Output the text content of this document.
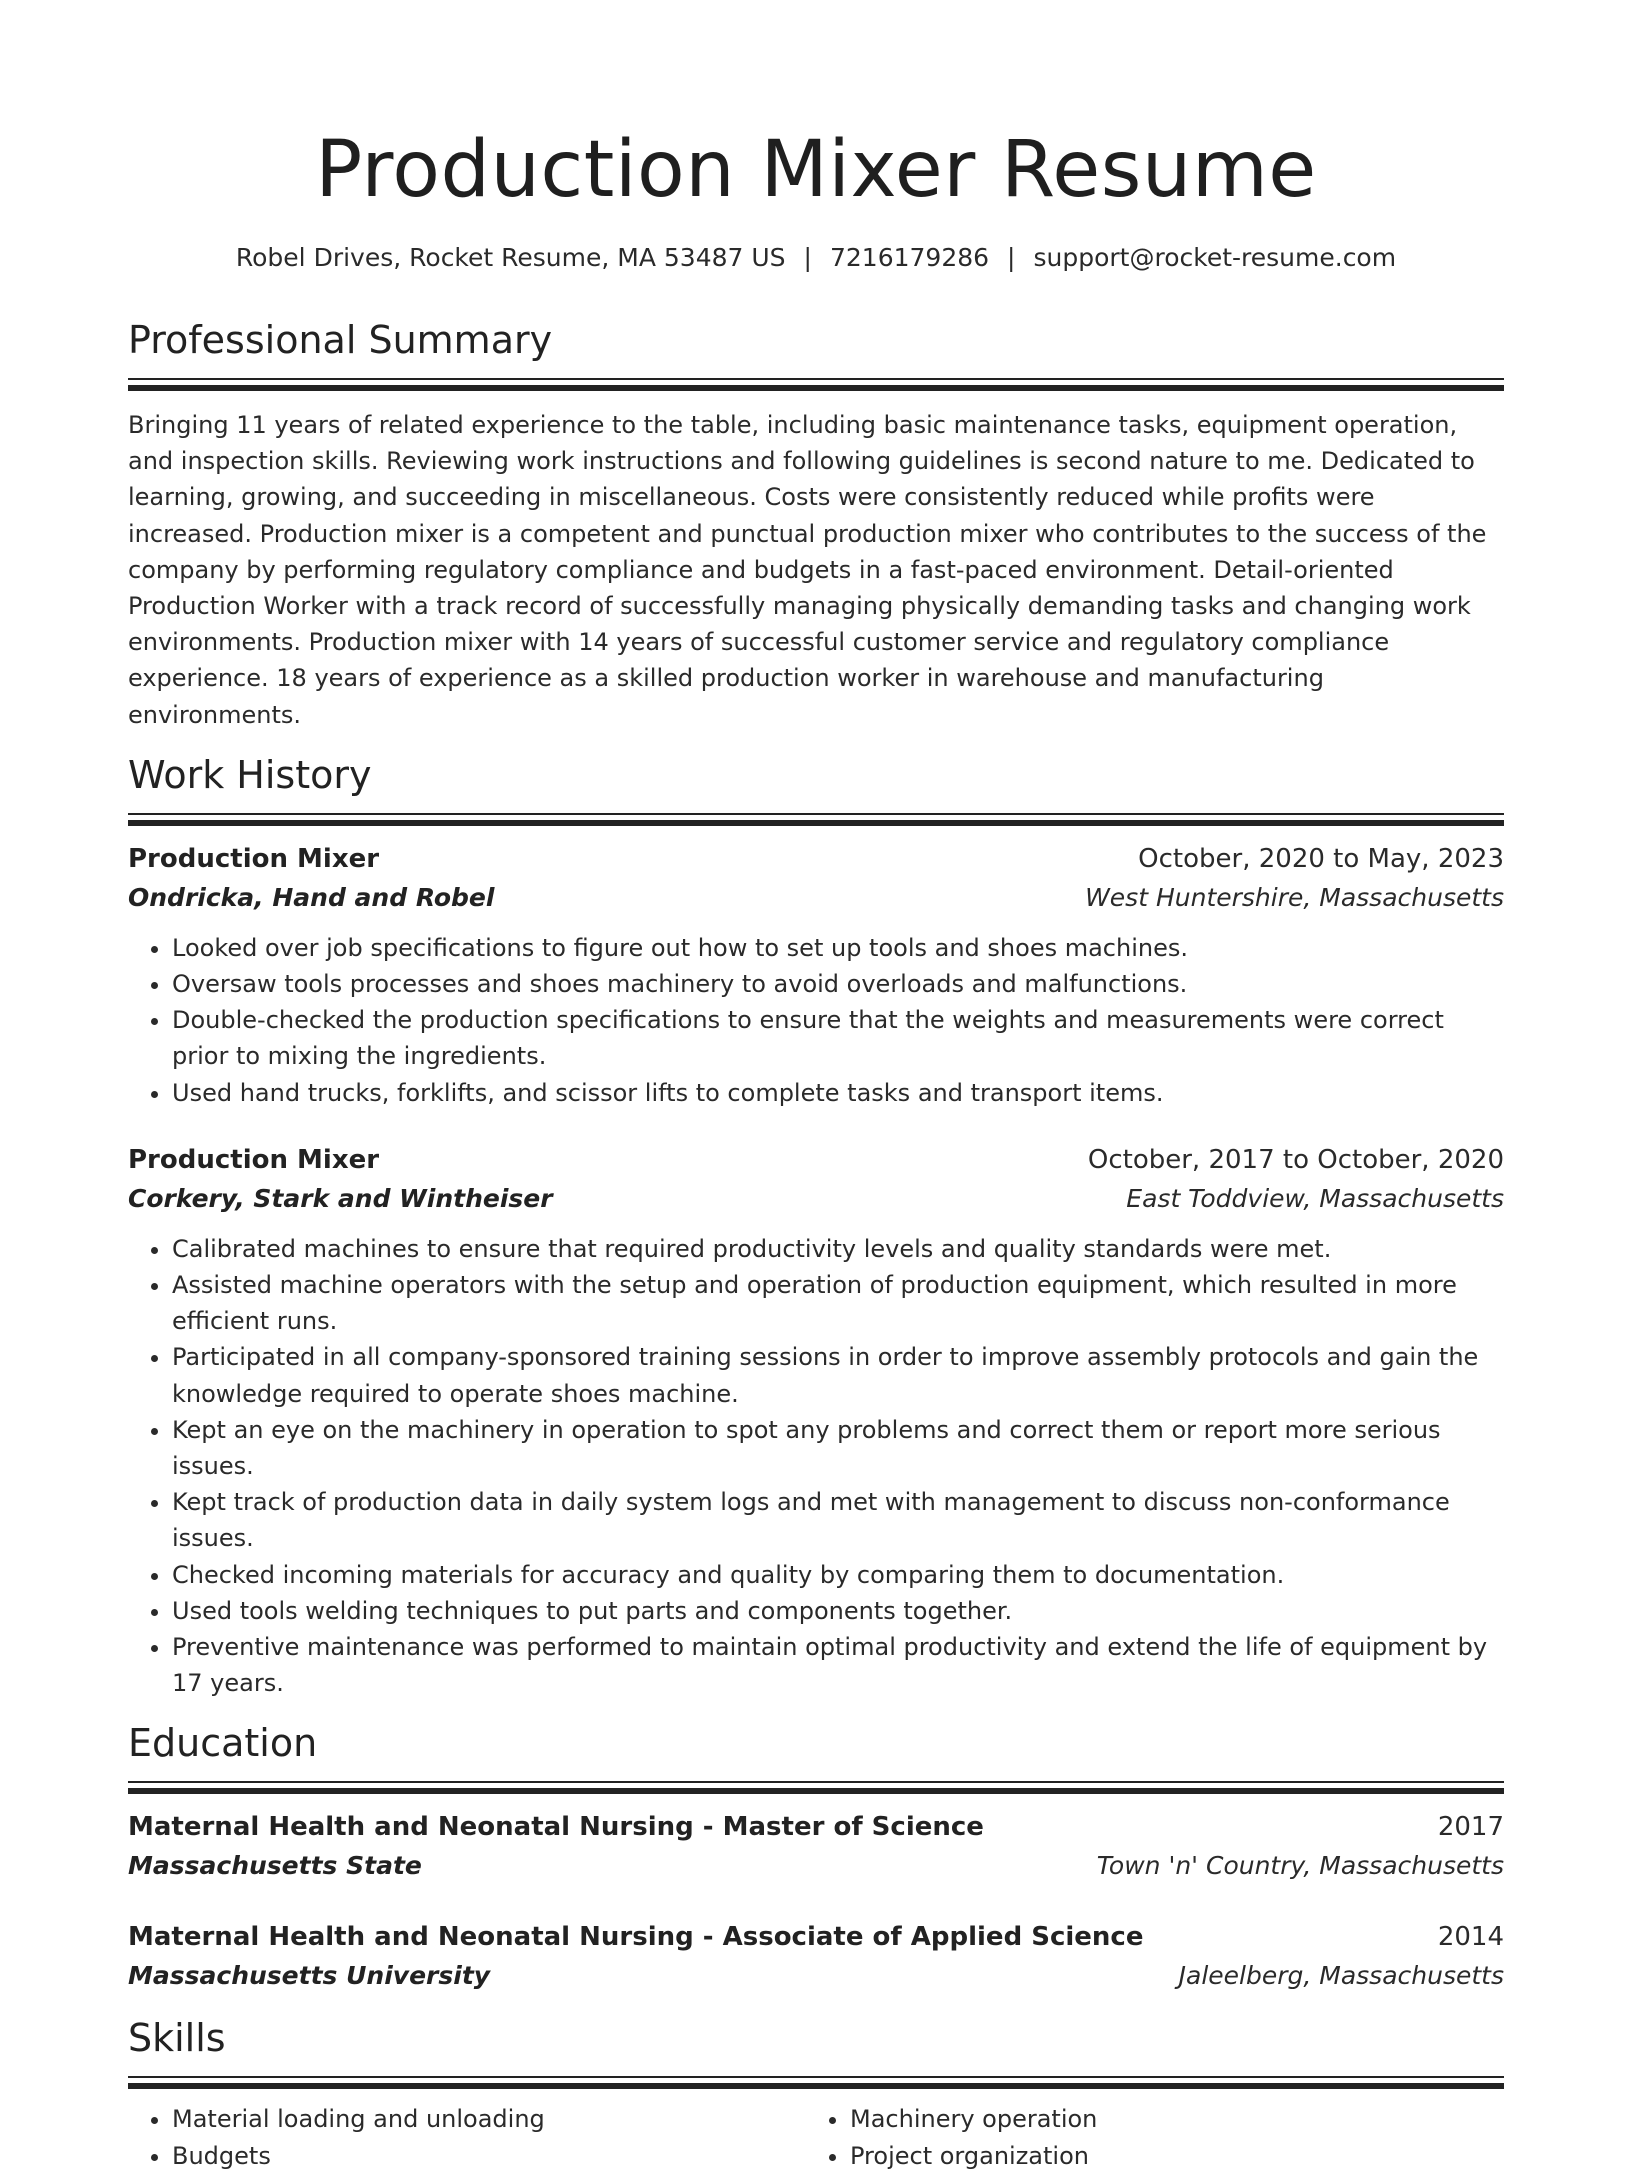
Production Mixer Resume
Robel Drives, Rocket Resume, MA 53487 US | 7216179286 | support@rocket-resume.com
Professional Summary
Bringing 11 years of related experience to the table, including basic maintenance tasks, equipment operation, and inspection skills. Reviewing work instructions and following guidelines is second nature to me. Dedicated to learning, growing, and succeeding in miscellaneous. Costs were consistently reduced while profits were increased. Production mixer is a competent and punctual production mixer who contributes to the success of the company by performing regulatory compliance and budgets in a fast-paced environment. Detail-oriented Production Worker with a track record of successfully managing physically demanding tasks and changing work environments. Production mixer with 14 years of successful customer service and regulatory compliance experience. 18 years of experience as a skilled production worker in warehouse and manufacturing environments.
Work History
Production Mixer	October, 2020 to May, 2023
Ondricka, Hand and Robel	West Huntershire, Massachusetts
• Looked over job specifications to figure out how to set up tools and shoes machines.
• Oversaw tools processes and shoes machinery to avoid overloads and malfunctions.
• Double-checked the production specifications to ensure that the weights and measurements were correct prior to mixing the ingredients.
• Used hand trucks, forklifts, and scissor lifts to complete tasks and transport items.
Production Mixer	October, 2017 to October, 2020
Corkery, Stark and Wintheiser	East Toddview, Massachusetts
• Calibrated machines to ensure that required productivity levels and quality standards were met.
• Assisted machine operators with the setup and operation of production equipment, which resulted in more efficient runs.
• Participated in all company-sponsored training sessions in order to improve assembly protocols and gain the knowledge required to operate shoes machine.
• Kept an eye on the machinery in operation to spot any problems and correct them or report more serious issues.
• Kept track of production data in daily system logs and met with management to discuss non-conformance issues.
• Checked incoming materials for accuracy and quality by comparing them to documentation.
• Used tools welding techniques to put parts and components together.
• Preventive maintenance was performed to maintain optimal productivity and extend the life of equipment by 17 years.
Education
Maternal Health and Neonatal Nursing - Master of Science	2017
Massachusetts State	Town 'n' Country, Massachusetts
Maternal Health and Neonatal Nursing - Associate of Applied Science	2014
Massachusetts University	Jaleelberg, Massachusetts
Skills
• Material loading and unloading
• Budgets
• Machinery operation
• Project organization
